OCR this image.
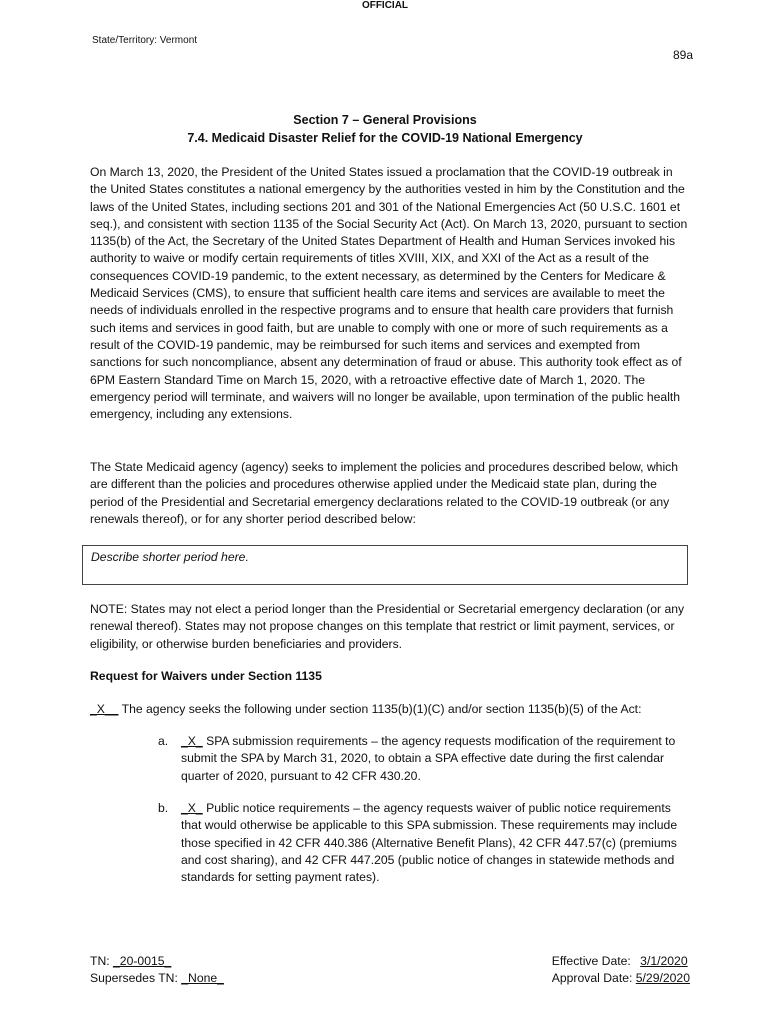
State/Territory: Vermont
OFFICIAL
89a
Section 7 – General Provisions
7.4. Medicaid Disaster Relief for the COVID-19 National Emergency
On March 13, 2020, the President of the United States issued a proclamation that the COVID-19 outbreak in the United States constitutes a national emergency by the authorities vested in him by the Constitution and the laws of the United States, including sections 201 and 301 of the National Emergencies Act (50 U.S.C. 1601 et seq.), and consistent with section 1135 of the Social Security Act (Act). On March 13, 2020, pursuant to section 1135(b) of the Act, the Secretary of the United States Department of Health and Human Services invoked his authority to waive or modify certain requirements of titles XVIII, XIX, and XXI of the Act as a result of the consequences COVID-19 pandemic, to the extent necessary, as determined by the Centers for Medicare & Medicaid Services (CMS), to ensure that sufficient health care items and services are available to meet the needs of individuals enrolled in the respective programs and to ensure that health care providers that furnish such items and services in good faith, but are unable to comply with one or more of such requirements as a result of the COVID-19 pandemic, may be reimbursed for such items and services and exempted from sanctions for such noncompliance, absent any determination of fraud or abuse. This authority took effect as of 6PM Eastern Standard Time on March 15, 2020, with a retroactive effective date of March 1, 2020. The emergency period will terminate, and waivers will no longer be available, upon termination of the public health emergency, including any extensions.
The State Medicaid agency (agency) seeks to implement the policies and procedures described below, which are different than the policies and procedures otherwise applied under the Medicaid state plan, during the period of the Presidential and Secretarial emergency declarations related to the COVID-19 outbreak (or any renewals thereof), or for any shorter period described below:
Describe shorter period here.
NOTE: States may not elect a period longer than the Presidential or Secretarial emergency declaration (or any renewal thereof). States may not propose changes on this template that restrict or limit payment, services, or eligibility, or otherwise burden beneficiaries and providers.
Request for Waivers under Section 1135
_X__ The agency seeks the following under section 1135(b)(1)(C) and/or section 1135(b)(5) of the Act:
a. _X_ SPA submission requirements – the agency requests modification of the requirement to submit the SPA by March 31, 2020, to obtain a SPA effective date during the first calendar quarter of 2020, pursuant to 42 CFR 430.20.
b. _X_ Public notice requirements – the agency requests waiver of public notice requirements that would otherwise be applicable to this SPA submission. These requirements may include those specified in 42 CFR 440.386 (Alternative Benefit Plans), 42 CFR 447.57(c) (premiums and cost sharing), and 42 CFR 447.205 (public notice of changes in statewide methods and standards for setting payment rates).
TN: _20-0015_
Supersedes TN: _None_
Effective Date: 3/1/2020
Approval Date: 5/29/2020
